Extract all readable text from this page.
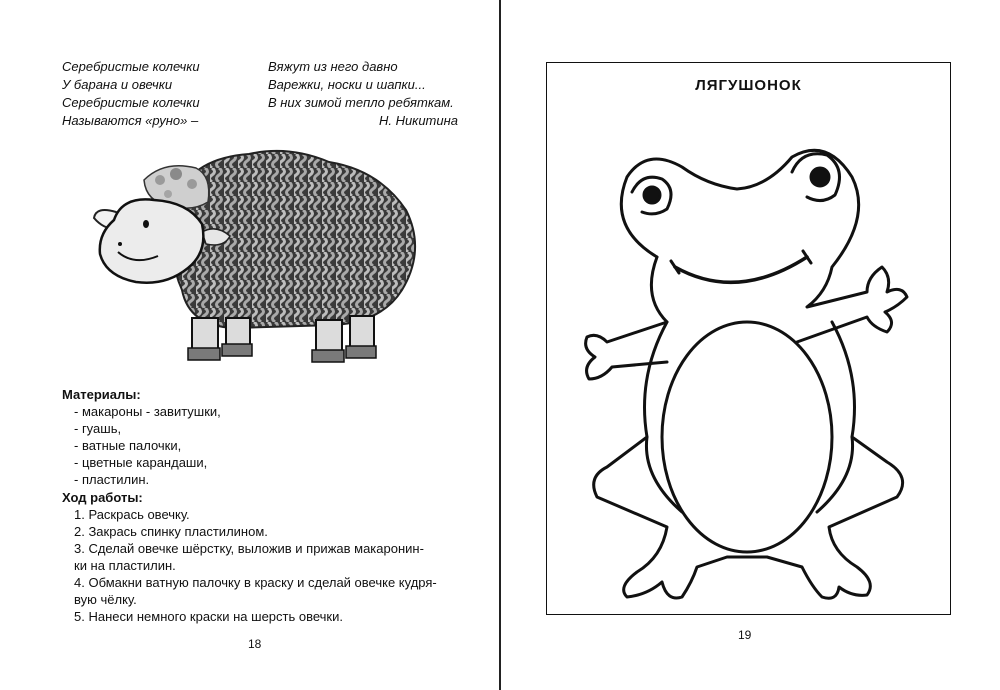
Серебристые колечки
У барана и овечки
Серебристые колечки
Называются «руно» –
Вяжут из него давно
Варежки, носки и шапки...
В них зимой тепло ребяткам.
Н. Никитина
Материалы:
- макароны - завитушки,
- гуашь,
- ватные палочки,
- цветные карандаши,
- пластилин.
Ход работы:
1. Раскрась овечку.
2. Закрась спинку пластилином.
3. Сделай овечке шёрстку, выложив и прижав макаронин-
ки на пластилин.
4. Обмакни ватную палочку в краску и сделай овечке кудря-
вую чёлку.
5. Нанеси немного краски на шерсть овечки.
18
ЛЯГУШОНОК
19
